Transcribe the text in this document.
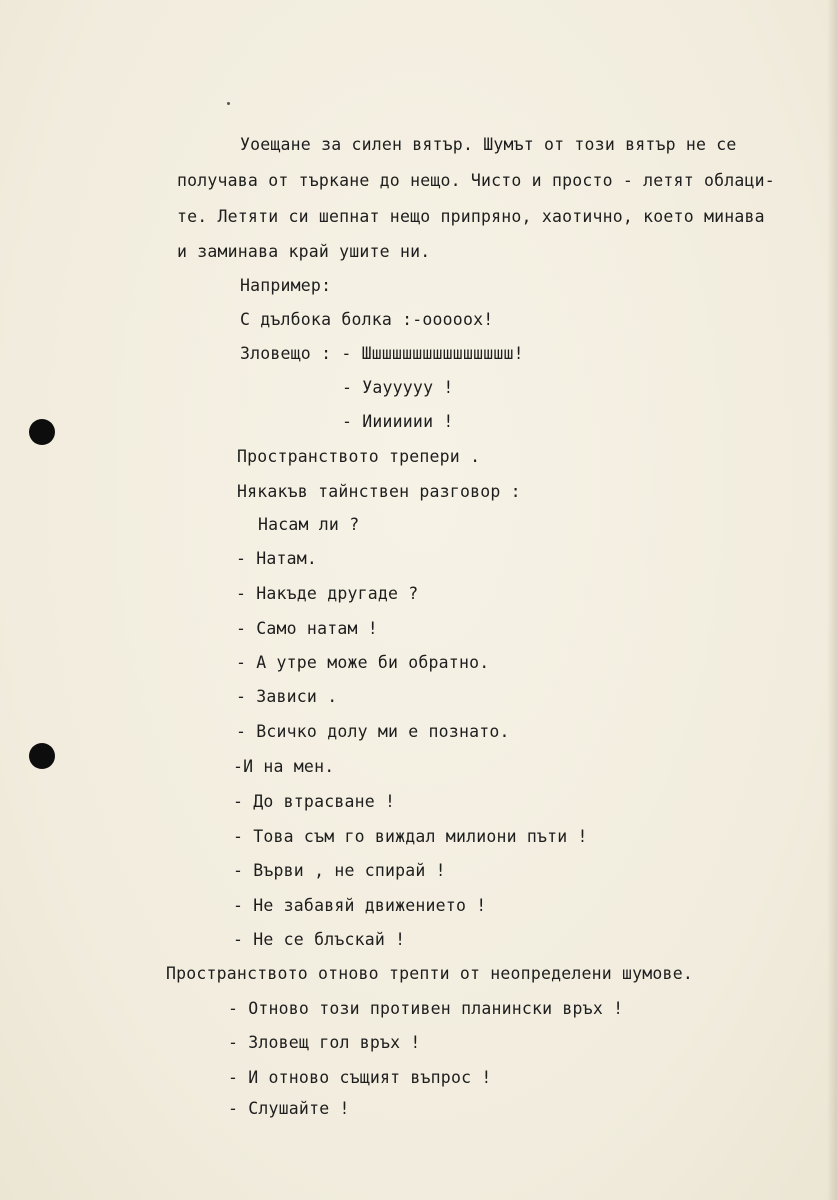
Уоещане за силен вятър. Шумът от този вятър не се
получава от търкане до нещо. Чисто и просто - летят облаци-
те. Летяти си шепнат нещо припряно, хаотично, което минава
и заминава край ушите ни.
Например:
С дълбока болка :-ооооох!
Зловещо : - Шшшшшшшшшшшшшшш!
- Уаууууу !
- Иииииии !
Пространството трепери .
Някакъв тайнствен разговор :
Насам ли ?
- Натам.
- Накъде другаде ?
- Само натам !
- А утре може би обратно.
- Зависи .
- Всичко долу ми е познато.
-И на мен.
- До втрасване !
- Това съм го виждал милиони пъти !
- Върви , не спирай !
- Не забавяй движението !
- Не се блъскай !
Пространството отново трепти от неопределени шумове.
- Отново този противен планински връх !
- Зловещ гол връх !
- И отново същият въпрос !
- Слушайте !
